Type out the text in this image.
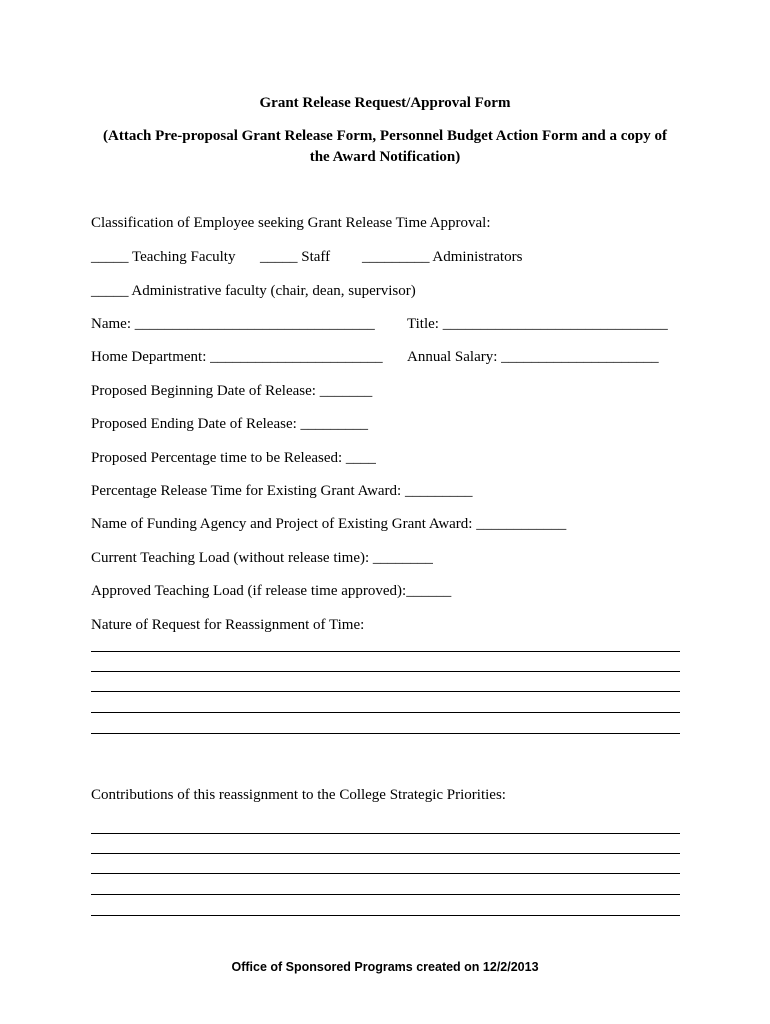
Grant Release Request/Approval Form
(Attach Pre-proposal Grant Release Form, Personnel Budget Action Form and a copy of
the Award Notification)
Classification of Employee seeking Grant Release Time Approval:
_____ Teaching Faculty _____ Staff _________ Administrators
_____ Administrative faculty (chair, dean, supervisor)
Name: ________________________________ Title: ______________________________
Home Department: _______________________ Annual Salary: _____________________
Proposed Beginning Date of Release: _______
Proposed Ending Date of Release: _________
Proposed Percentage time to be Released: ____
Percentage Release Time for Existing Grant Award: _________
Name of Funding Agency and Project of Existing Grant Award: ____________
Current Teaching Load (without release time): ________
Approved Teaching Load (if release time approved):______
Nature of Request for Reassignment of Time:
Contributions of this reassignment to the College Strategic Priorities:
Office of Sponsored Programs created on 12/2/2013
